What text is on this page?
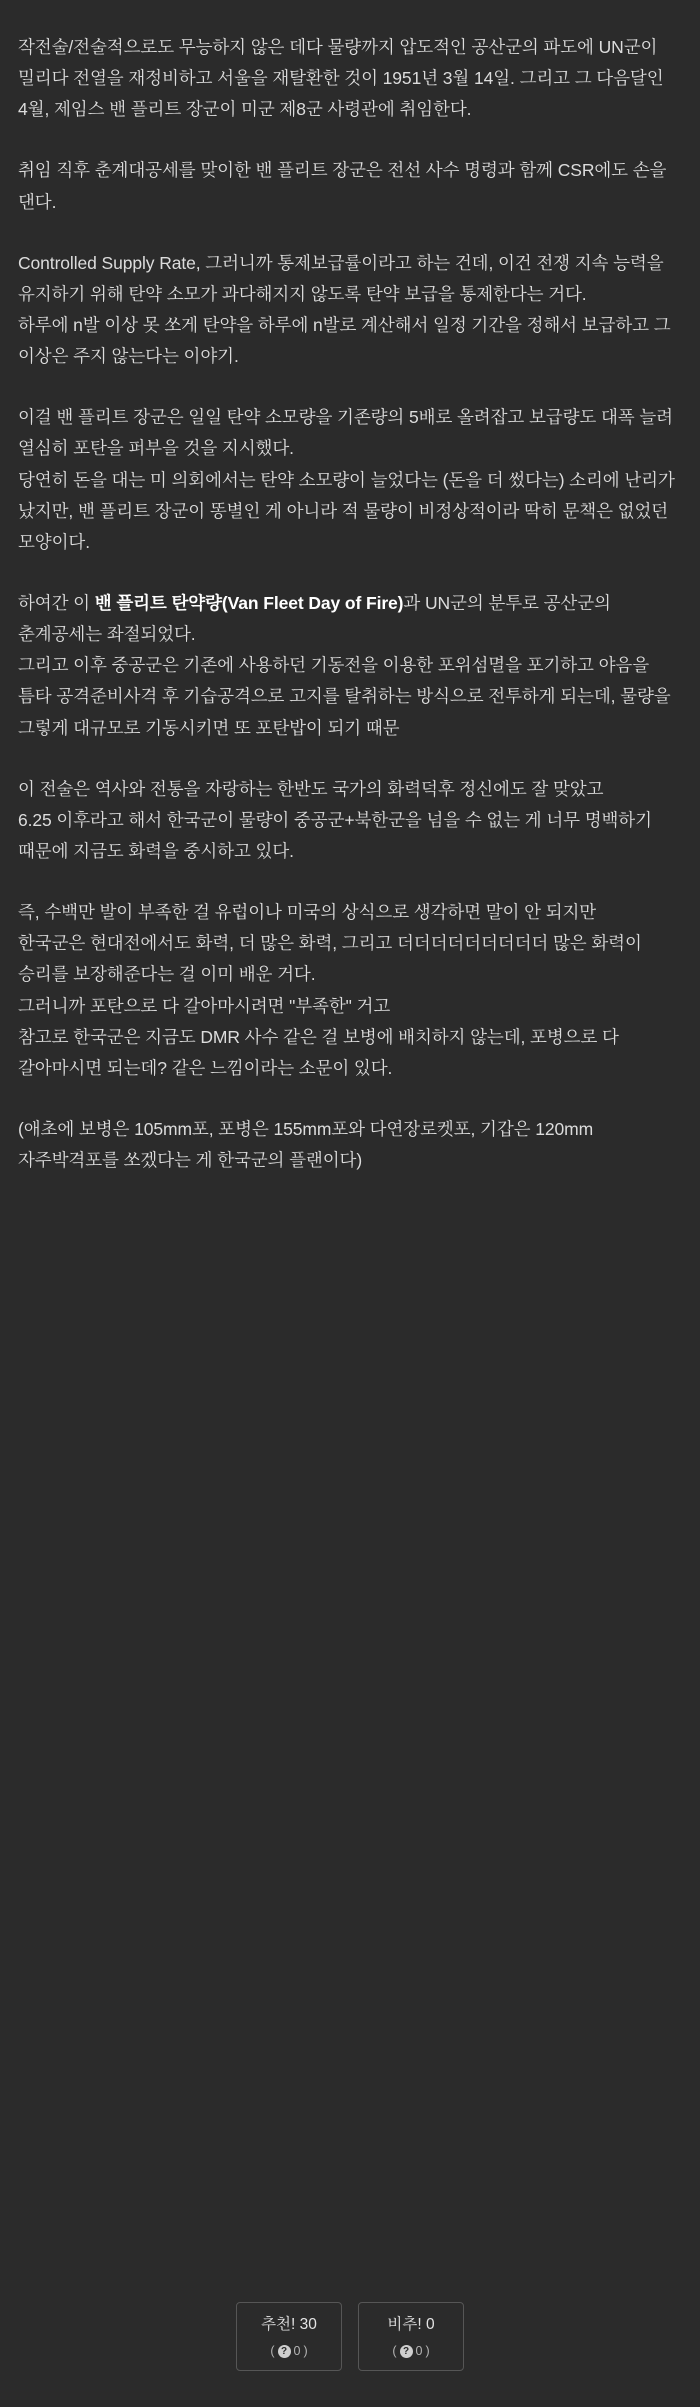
작전술/전술적으로도 무능하지 않은 데다 물량까지 압도적인 공산군의 파도에 UN군이 밀리다 전열을 재정비하고 서울을 재탈환한 것이 1951년 3월 14일. 그리고 그 다음달인 4월, 제임스 밴 플리트 장군이 미군 제8군 사령관에 취임한다.

취임 직후 춘계대공세를 맞이한 밴 플리트 장군은 전선 사수 명령과 함께 CSR에도 손을 댄다.

Controlled Supply Rate, 그러니까 통제보급률이라고 하는 건데, 이건 전쟁 지속 능력을 유지하기 위해 탄약 소모가 과다해지지 않도록 탄약 보급을 통제한다는 거다.

하루에 n발 이상 못 쏘게 탄약을 하루에 n발로 계산해서 일정 기간을 정해서 보급하고 그 이상은 주지 않는다는 이야기.

이걸 밴 플리트 장군은 일일 탄약 소모량을 기존량의 5배로 올려잡고 보급량도 대폭 늘려 열심히 포탄을 퍼부을 것을 지시했다.

당연히 돈을 대는 미 의회에서는 탄약 소모량이 늘었다는 (돈을 더 썼다는) 소리에 난리가 났지만, 밴 플리트 장군이 똥별인 게 아니라 적 물량이 비정상적이라 딱히 문책은 없었던 모양이다.

하여간 이 밴 플리트 탄약량(Van Fleet Day of Fire)과 UN군의 분투로 공산군의 춘계공세는 좌절되었다.

그리고 이후 중공군은 기존에 사용하던 기동전을 이용한 포위섬멸을 포기하고 야음을 틈타 공격준비사격 후 기습공격으로 고지를 탈취하는 방식으로 전투하게 되는데, 물량을 그렇게 대규모로 기동시키면 또 포탄밥이 되기 때문

이 전술은 역사와 전통을 자랑하는 한반도 국가의 화력덕후 정신에도 잘 맞았고

6.25 이후라고 해서 한국군이 물량이 중공군+북한군을 넘을 수 없는 게 너무 명백하기 때문에 지금도 화력을 중시하고 있다.

즉, 수백만 발이 부족한 걸 유럽이나 미국의 상식으로 생각하면 말이 안 되지만

한국군은 현대전에서도 화력, 더 많은 화력, 그리고 더더더더더더더더더 많은 화력이 승리를 보장해준다는 걸 이미 배운 거다.

그러니까 포탄으로 다 갈아마시려면 "부족한" 거고

참고로 한국군은 지금도 DMR 사수 같은 걸 보병에 배치하지 않는데, 포병으로 다 갈아마시면 되는데? 같은 느낌이라는 소문이 있다.

(애초에 보병은 105mm포, 포병은 155mm포와 다연장로켓포, 기갑은 120mm 자주박격포를 쏘겠다는 게 한국군의 플랜이다)

추천! 30
( ? 0 )
비추! 0
( ? 0 )
